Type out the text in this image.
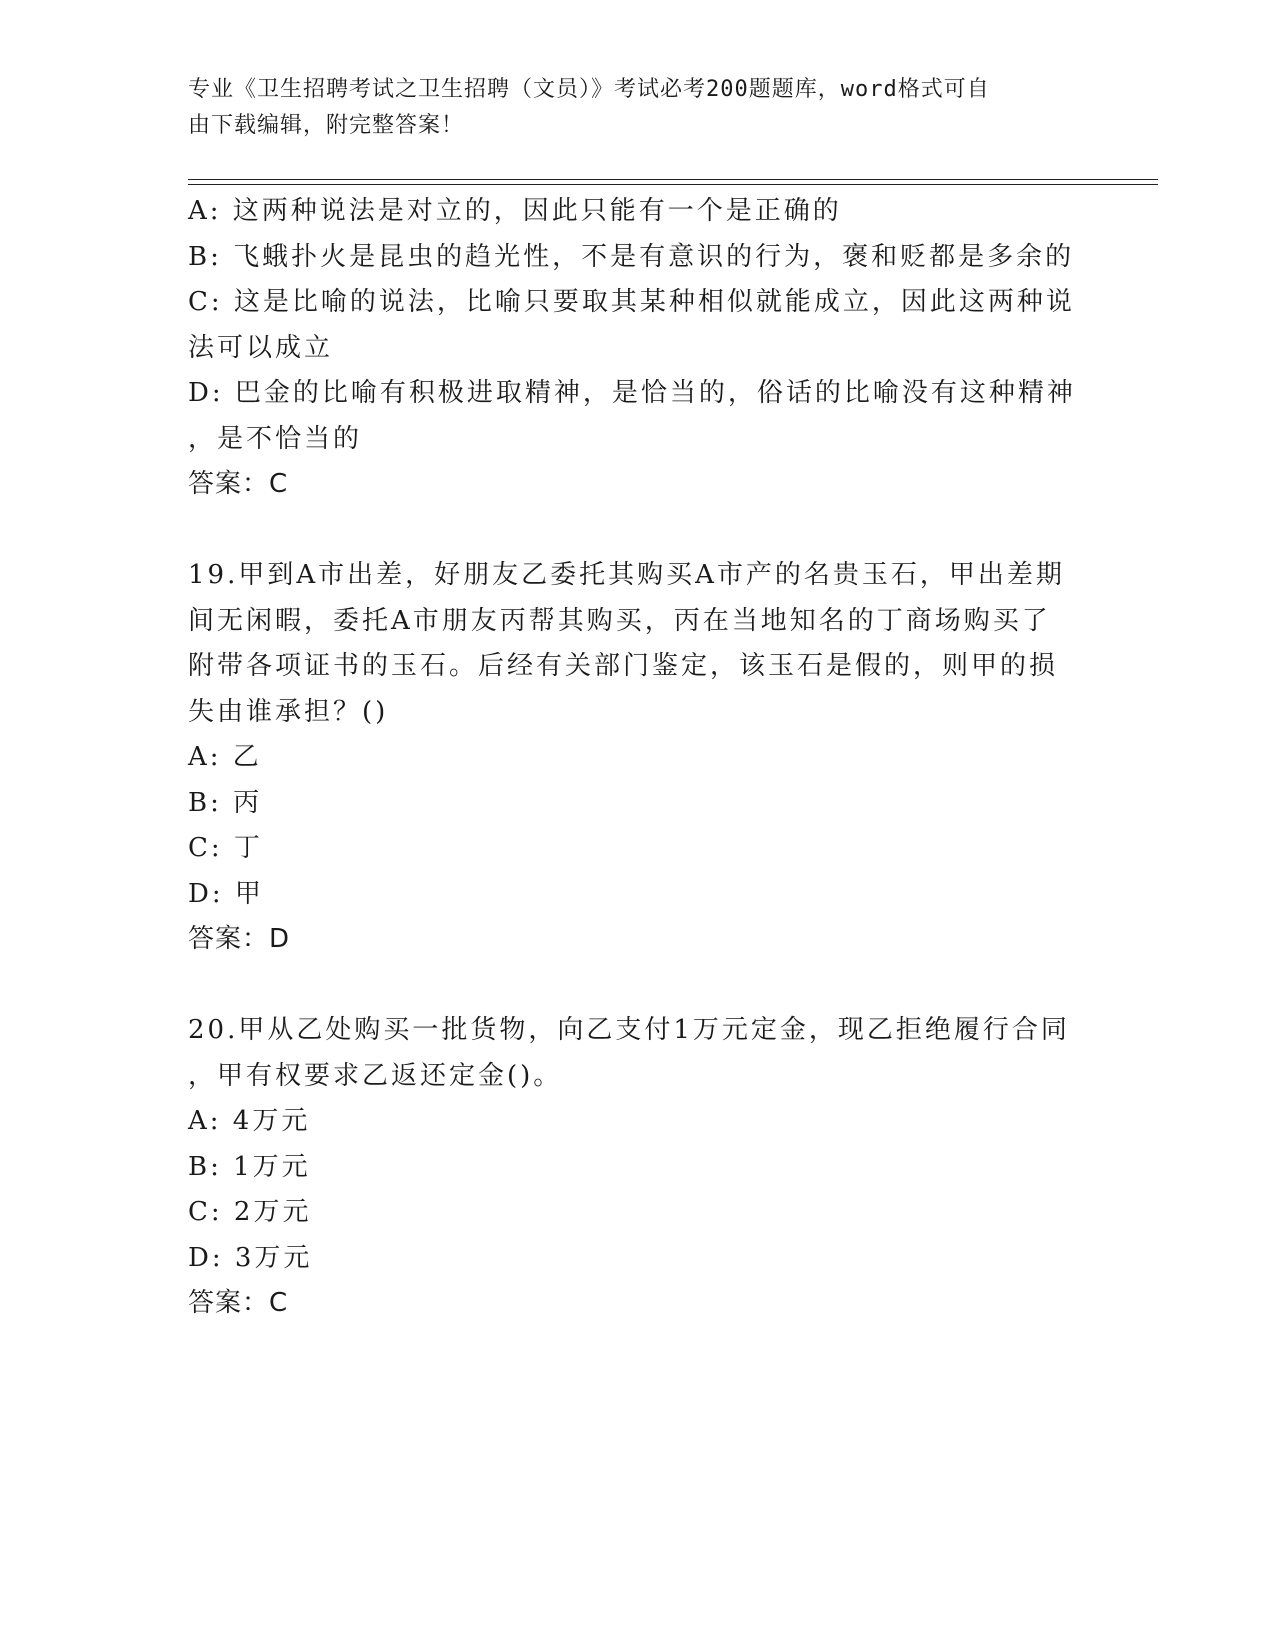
专业《卫生招聘考试之卫生招聘（文员）》考试必考200题题库，word格式可自
由下载编辑，附完整答案！
A: 这两种说法是对立的，因此只能有一个是正确的
B: 飞蛾扑火是昆虫的趋光性，不是有意识的行为，褒和贬都是多余的
C: 这是比喻的说法，比喻只要取其某种相似就能成立，因此这两种说
法可以成立
D: 巴金的比喻有积极进取精神，是恰当的，俗话的比喻没有这种精神
，是不恰当的
答案：C
19.甲到A市出差，好朋友乙委托其购买A市产的名贵玉石，甲出差期
间无闲暇，委托A市朋友丙帮其购买，丙在当地知名的丁商场购买了
附带各项证书的玉石。后经有关部门鉴定，该玉石是假的，则甲的损
失由谁承担？()
A: 乙
B: 丙
C: 丁
D: 甲
答案：D
20.甲从乙处购买一批货物，向乙支付1万元定金，现乙拒绝履行合同
，甲有权要求乙返还定金()。
A: 4万元
B: 1万元
C: 2万元
D: 3万元
答案：C
